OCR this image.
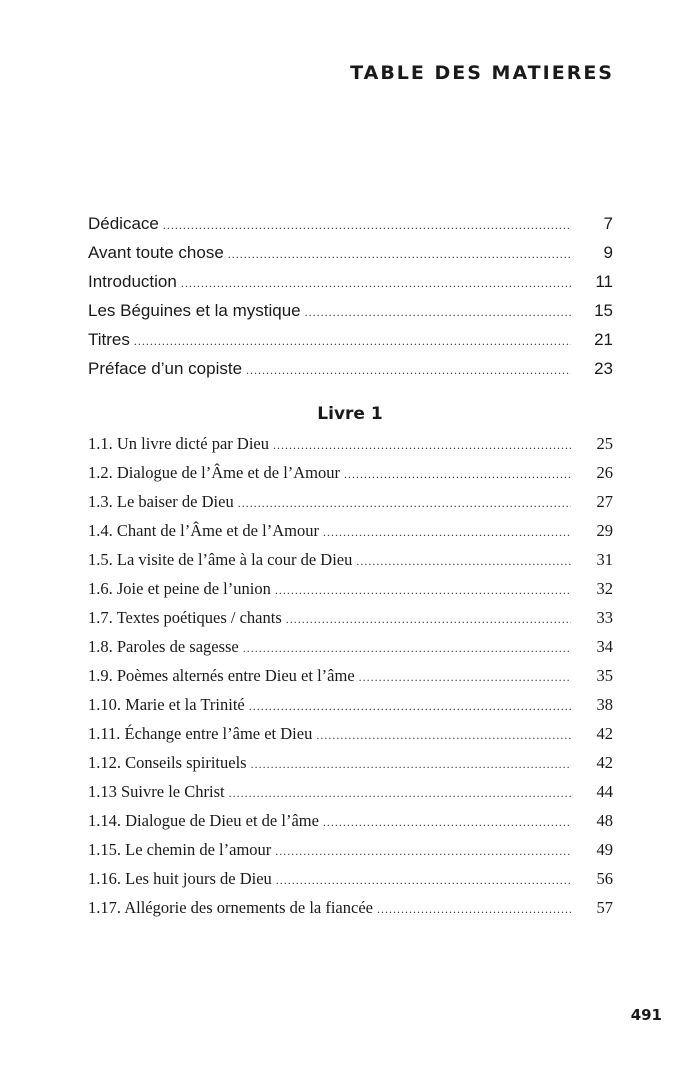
TABLE DES MATIERES
Dédicace .....	7
Avant toute chose .....	9
Introduction .....	11
Les Béguines et la mystique .....	15
Titres .....	21
Préface d’un copiste .....	23
Livre 1
1.1. Un livre dicté par Dieu .....	25
1.2. Dialogue de l’Âme et de l’Amour .....	26
1.3. Le baiser de Dieu .....	27
1.4. Chant de l’Âme et de l’Amour .....	29
1.5. La visite de l’âme à la cour de Dieu .....	31
1.6. Joie et peine de l’union .....	32
1.7. Textes poétiques / chants .....	33
1.8. Paroles de sagesse .....	34
1.9. Poèmes alternés entre Dieu et l’âme .....	35
1.10. Marie et la Trinité .....	38
1.11. Échange entre l’âme et Dieu .....	42
1.12. Conseils spirituels .....	42
1.13 Suivre le Christ .....	44
1.14. Dialogue de Dieu et de l’âme .....	48
1.15. Le chemin de l’amour .....	49
1.16. Les huit jours de Dieu .....	56
1.17. Allégorie des ornements de la fiancée .....	57
491
